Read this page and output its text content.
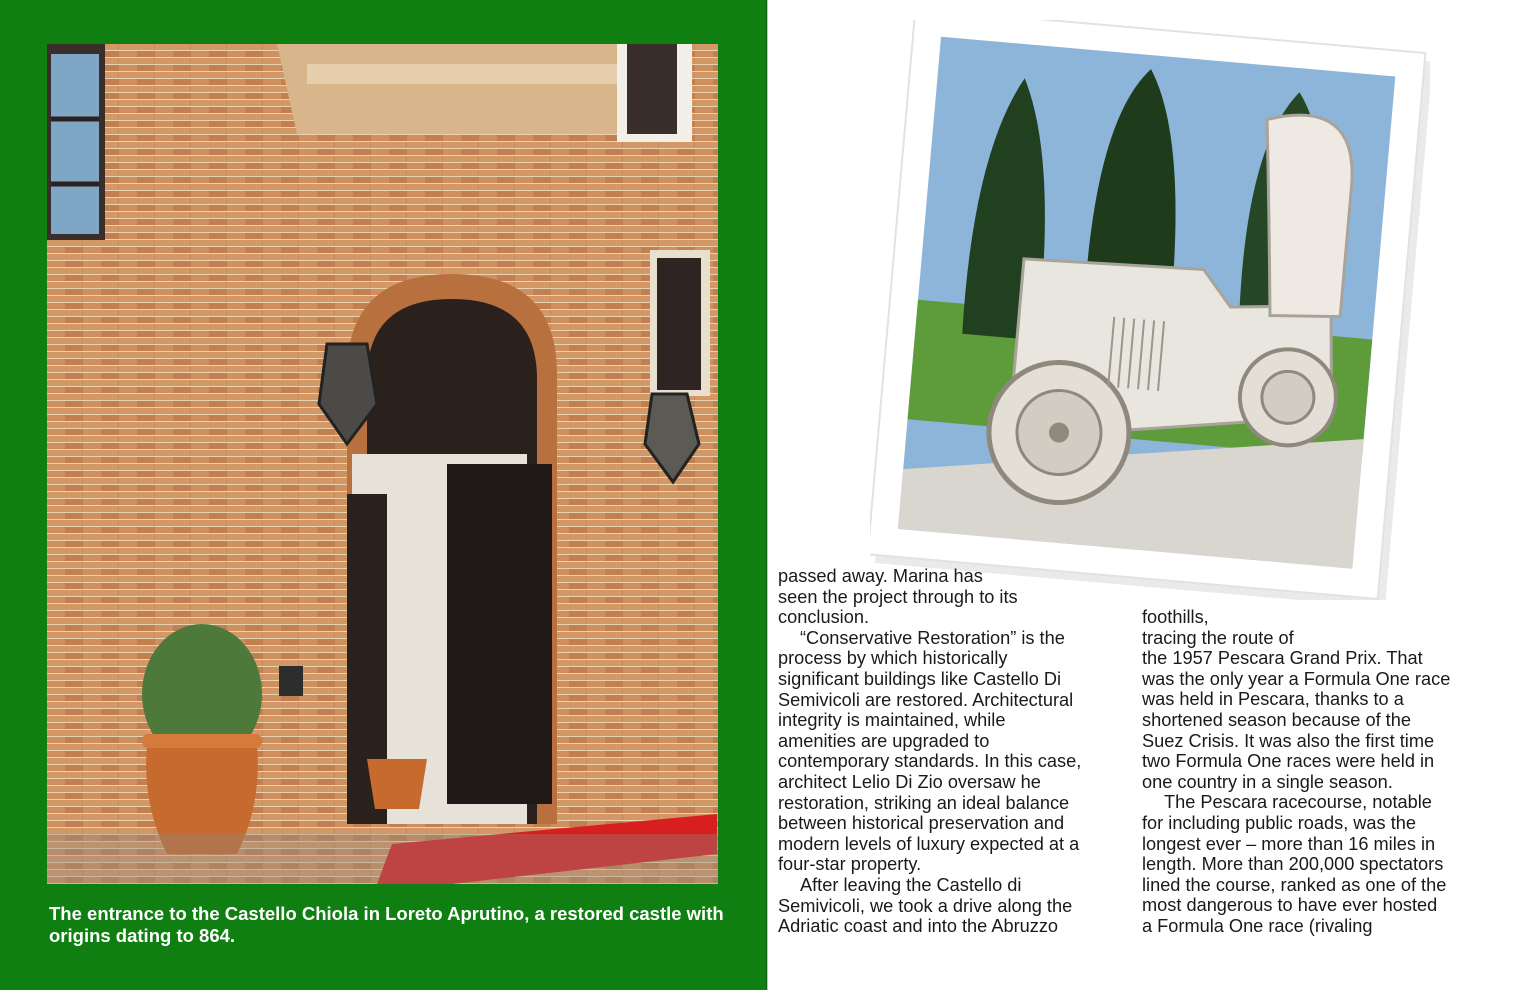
The entrance to the Castello Chiola in Loreto Aprutino, a restored castle with origins dating to 864.

passed away. Marina has

seen the project through to its

conclusion.

“Conservative Restoration” is the

process by which historically

significant buildings like Castello Di

Semivicoli are restored. Architectural

integrity is maintained, while

amenities are upgraded to

contemporary standards. In this case,

architect Lelio Di Zio oversaw he

restoration, striking an ideal balance

between historical preservation and

modern levels of luxury expected at a

four-star property.

After leaving the Castello di

Semivicoli, we took a drive along the

Adriatic coast and into the Abruzzo

foothills,

tracing the route of

the 1957 Pescara Grand Prix. That

was the only year a Formula One race

was held in Pescara, thanks to a

shortened season because of the

Suez Crisis. It was also the first time

two Formula One races were held in

one country in a single season.

The Pescara racecourse, notable

for including public roads, was the

longest ever – more than 16 miles in

length. More than 200,000 spectators

lined the course, ranked as one of the

most dangerous to have ever hosted

a Formula One race (rivaling
